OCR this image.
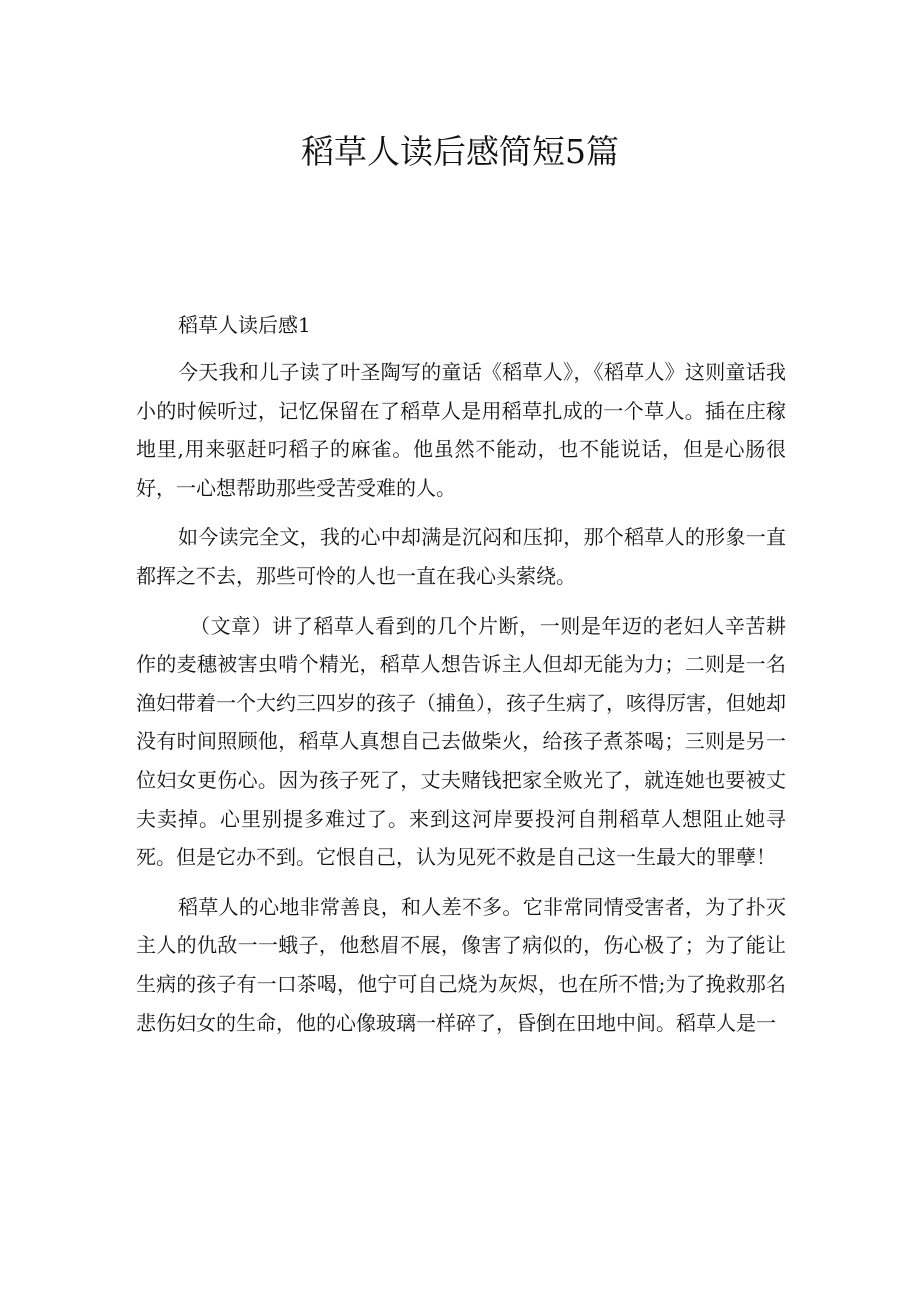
稻草人读后感简短5篇

稻草人读后感1

今天我和儿子读了叶圣陶写的童话《稻草人》，《稻草人》这则童话我小的时候听过，记忆保留在了稻草人是用稻草扎成的一个草人。插在庄稼地里,用来驱赶叼稻子的麻雀。他虽然不能动，也不能说话，但是心肠很好，一心想帮助那些受苦受难的人。

如今读完全文，我的心中却满是沉闷和压抑，那个稻草人的形象一直都挥之不去，那些可怜的人也一直在我心头萦绕。

（文章）讲了稻草人看到的几个片断，一则是年迈的老妇人辛苦耕作的麦穗被害虫啃个精光，稻草人想告诉主人但却无能为力；二则是一名渔妇带着一个大约三四岁的孩子（捕鱼），孩子生病了，咳得厉害，但她却没有时间照顾他，稻草人真想自己去做柴火，给孩子煮茶喝；三则是另一位妇女更伤心。因为孩子死了，丈夫赌钱把家全败光了，就连她也要被丈夫卖掉。心里别提多难过了。来到这河岸要投河自荆稻草人想阻止她寻死。但是它办不到。它恨自己，认为见死不救是自己这一生最大的罪孽！

稻草人的心地非常善良，和人差不多。它非常同情受害者，为了扑灭主人的仇敌一一蛾子，他愁眉不展，像害了病似的，伤心极了；为了能让生病的孩子有一口茶喝，他宁可自己烧为灰烬，也在所不惜;为了挽救那名悲伤妇女的生命，他的心像玻璃一样碎了，昏倒在田地中间。稻草人是一
